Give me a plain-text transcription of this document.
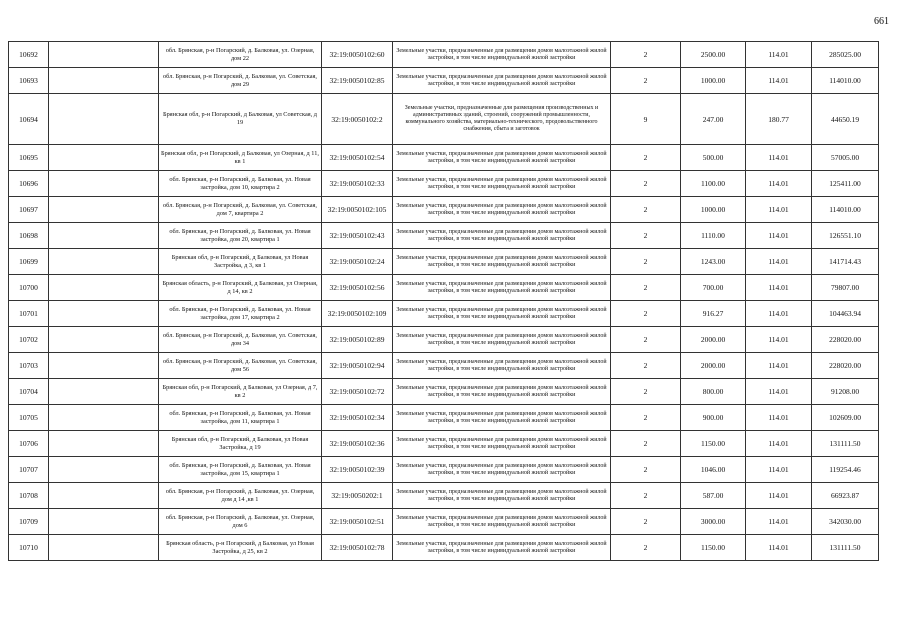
661
10692		обл. Брянская, р-н Погарский, д. Балковая, ул. Озерная, дом 22	32:19:0050102:60	Земельные участки, предназначенные для размещения домов малоэтажной жилой застройки, в том числе индивидуальной жилой застройки	2	2500.00	114.01	285025.00
10693		обл. Брянская, р-н Погарский, д. Балковая, ул. Советская, дом 29	32:19:0050102:85	Земельные участки, предназначенные для размещения домов малоэтажной жилой застройки, в том числе индивидуальной жилой застройки	2	1000.00	114.01	114010.00
10694		Брянская обл, р-н Погарский, д Балковая, ул Советская, д 19	32:19:0050102:2	Земельные участки, предназначенные для размещения производственных и административных зданий, строений, сооружений промышленности, коммунального хозяйства, материально-технического, продовольственного снабжения, сбыта и заготовок	9	247.00	180.77	44650.19
10695		Брянская обл, р-н Погарский, д Балковая, ул Озерная, д 11, кв 1	32:19:0050102:54	Земельные участки, предназначенные для размещения домов малоэтажной жилой застройки, в том числе индивидуальной жилой застройки	2	500.00	114.01	57005.00
10696		обл. Брянская, р-н Погарский, д. Балковая, ул. Новая застройка, дом 10, квартира 2	32:19:0050102:33	Земельные участки, предназначенные для размещения домов малоэтажной жилой застройки, в том числе индивидуальной жилой застройки	2	1100.00	114.01	125411.00
10697		обл. Брянская, р-н Погарский, д. Балковая, ул. Советская, дом 7, квартира 2	32:19:0050102:105	Земельные участки, предназначенные для размещения домов малоэтажной жилой застройки, в том числе индивидуальной жилой застройки	2	1000.00	114.01	114010.00
10698		обл. Брянская, р-н Погарский, д. Балковая, ул. Новая застройка, дом 20, квартира 1	32:19:0050102:43	Земельные участки, предназначенные для размещения домов малоэтажной жилой застройки, в том числе индивидуальной жилой застройки	2	1110.00	114.01	126551.10
10699		Брянская обл, р-н Погарский, д Балковая, ул Новая Застройка, д 3, кв 1	32:19:0050102:24	Земельные участки, предназначенные для размещения домов малоэтажной жилой застройки, в том числе индивидуальной жилой застройки	2	1243.00	114.01	141714.43
10700		Брянская область, р-н Погарский, д Балковая, ул Озерная, д 14, кв 2	32:19:0050102:56	Земельные участки, предназначенные для размещения домов малоэтажной жилой застройки, в том числе индивидуальной жилой застройки	2	700.00	114.01	79807.00
10701		обл. Брянская, р-н Погарский, д. Балковая, ул. Новая застройка, дом 17, квартира 2	32:19:0050102:109	Земельные участки, предназначенные для размещения домов малоэтажной жилой застройки, в том числе индивидуальной жилой застройки	2	916.27	114.01	104463.94
10702		обл. Брянская, р-н Погарский, д. Балковая, ул. Советская, дом 34	32:19:0050102:89	Земельные участки, предназначенные для размещения домов малоэтажной жилой застройки, в том числе индивидуальной жилой застройки	2	2000.00	114.01	228020.00
10703		обл. Брянская, р-н Погарский, д. Балковая, ул. Советская, дом 56	32:19:0050102:94	Земельные участки, предназначенные для размещения домов малоэтажной жилой застройки, в том числе индивидуальной жилой застройки	2	2000.00	114.01	228020.00
10704		Брянская обл, р-н Погарский, д Балковая, ул Озерная, д 7, кв 2	32:19:0050102:72	Земельные участки, предназначенные для размещения домов малоэтажной жилой застройки, в том числе индивидуальной жилой застройки	2	800.00	114.01	91208.00
10705		обл. Брянская, р-н Погарский, д. Балковая, ул. Новая застройка, дом 11, квартира 1	32:19:0050102:34	Земельные участки, предназначенные для размещения домов малоэтажной жилой застройки, в том числе индивидуальной жилой застройки	2	900.00	114.01	102609.00
10706		Брянская обл, р-н Погарский, д Балковая, ул Новая Застройка, д 19	32:19:0050102:36	Земельные участки, предназначенные для размещения домов малоэтажной жилой застройки, в том числе индивидуальной жилой застройки	2	1150.00	114.01	131111.50
10707		обл. Брянская, р-н Погарский, д. Балковая, ул. Новая застройка, дом 15, квартира 1	32:19:0050102:39	Земельные участки, предназначенные для размещения домов малоэтажной жилой застройки, в том числе индивидуальной жилой застройки	2	1046.00	114.01	119254.46
10708		обл. Брянская, р-н Погарский, д. Балковая, ул. Озерная, дом д 14 ,кв 1	32:19:0050202:1	Земельные участки, предназначенные для размещения домов малоэтажной жилой застройки, в том числе индивидуальной жилой застройки	2	587.00	114.01	66923.87
10709		обл. Брянская, р-н Погарский, д. Балковая, ул. Озерная, дом 6	32:19:0050102:51	Земельные участки, предназначенные для размещения домов малоэтажной жилой застройки, в том числе индивидуальной жилой застройки	2	3000.00	114.01	342030.00
10710		Брянская область, р-н Погарский, д Балковая, ул Новая Застройка, д 25, кв 2	32:19:0050102:78	Земельные участки, предназначенные для размещения домов малоэтажной жилой застройки, в том числе индивидуальной жилой застройки	2	1150.00	114.01	131111.50
